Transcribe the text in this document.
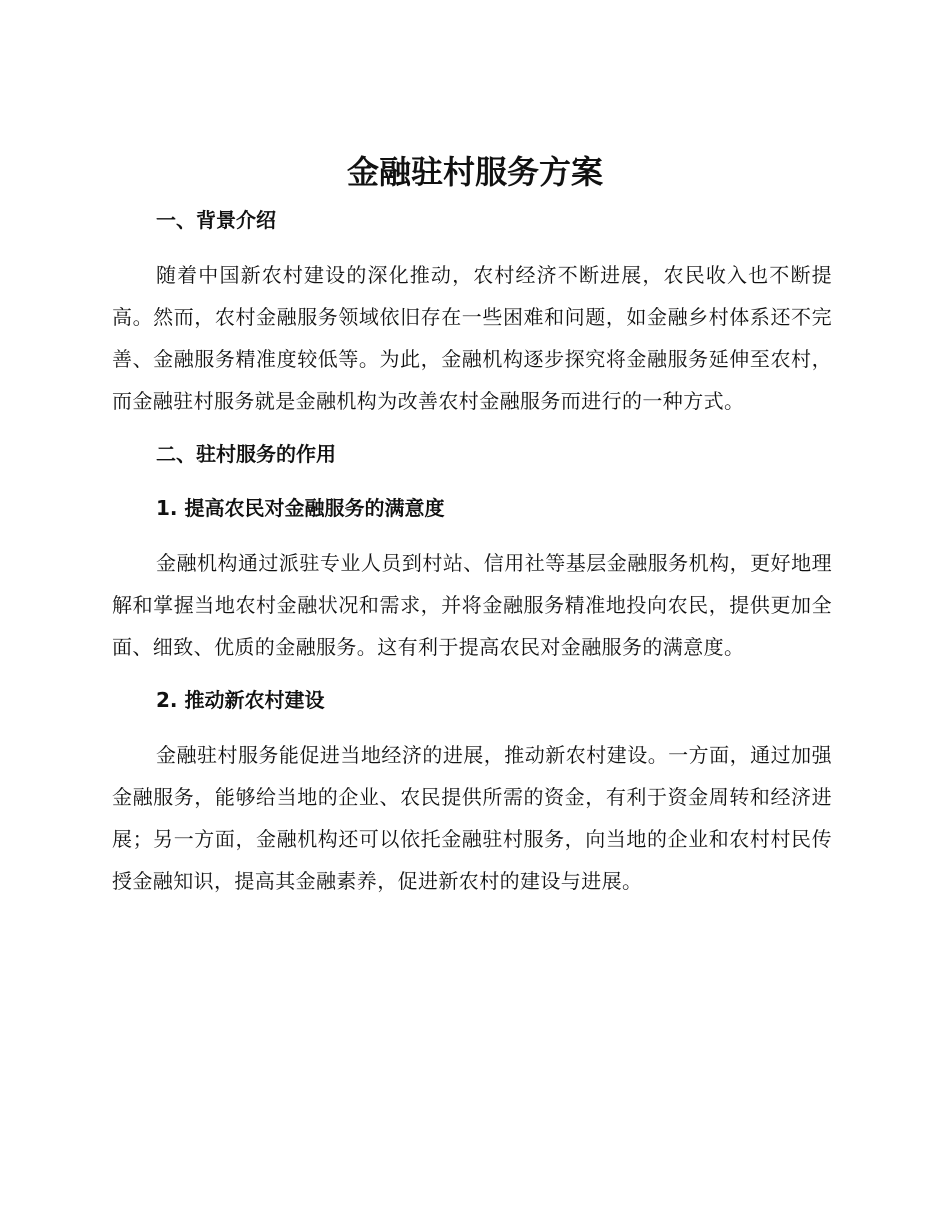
金融驻村服务方案
一、背景介绍

随着中国新农村建设的深化推动，农村经济不断进展，农民收入也不断提高。然而，农村金融服务领域依旧存在一些困难和问题，如金融乡村体系还不完善、金融服务精准度较低等。为此，金融机构逐步探究将金融服务延伸至农村，而金融驻村服务就是金融机构为改善农村金融服务而进行的一种方式。

二、驻村服务的作用
1. 提高农民对金融服务的满意度

金融机构通过派驻专业人员到村站、信用社等基层金融服务机构，更好地理解和掌握当地农村金融状况和需求，并将金融服务精准地投向农民，提供更加全面、细致、优质的金融服务。这有利于提高农民对金融服务的满意度。

2. 推动新农村建设

金融驻村服务能促进当地经济的进展，推动新农村建设。一方面，通过加强金融服务，能够给当地的企业、农民提供所需的资金，有利于资金周转和经济进展；另一方面，金融机构还可以依托金融驻村服务，向当地的企业和农村村民传授金融知识，提高其金融素养，促进新农村的建设与进展。
